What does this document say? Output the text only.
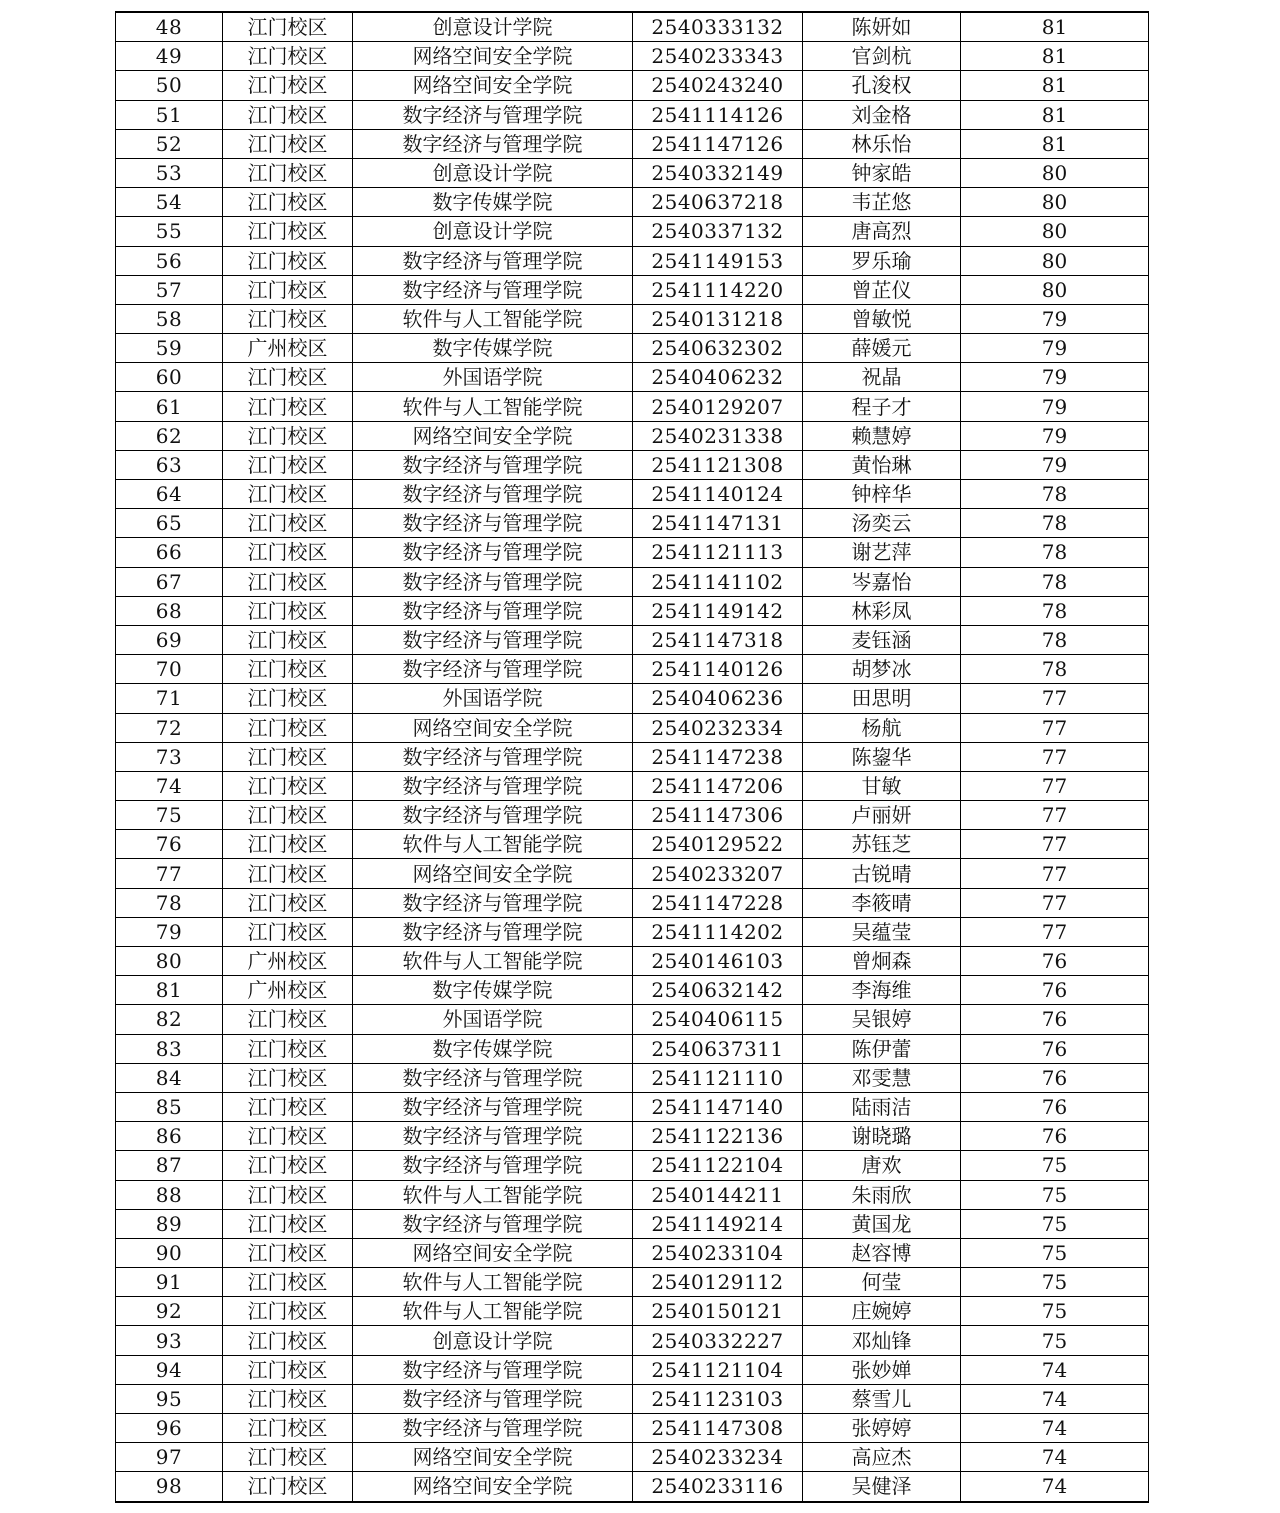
48	江门校区	创意设计学院	2540333132	陈妍如	81
49	江门校区	网络空间安全学院	2540233343	官剑杭	81
50	江门校区	网络空间安全学院	2540243240	孔浚权	81
51	江门校区	数字经济与管理学院	2541114126	刘金格	81
52	江门校区	数字经济与管理学院	2541147126	林乐怡	81
53	江门校区	创意设计学院	2540332149	钟家皓	80
54	江门校区	数字传媒学院	2540637218	韦芷悠	80
55	江门校区	创意设计学院	2540337132	唐高烈	80
56	江门校区	数字经济与管理学院	2541149153	罗乐瑜	80
57	江门校区	数字经济与管理学院	2541114220	曾芷仪	80
58	江门校区	软件与人工智能学院	2540131218	曾敏悦	79
59	广州校区	数字传媒学院	2540632302	薛媛元	79
60	江门校区	外国语学院	2540406232	祝晶	79
61	江门校区	软件与人工智能学院	2540129207	程子才	79
62	江门校区	网络空间安全学院	2540231338	赖慧婷	79
63	江门校区	数字经济与管理学院	2541121308	黄怡琳	79
64	江门校区	数字经济与管理学院	2541140124	钟梓华	78
65	江门校区	数字经济与管理学院	2541147131	汤奕云	78
66	江门校区	数字经济与管理学院	2541121113	谢艺萍	78
67	江门校区	数字经济与管理学院	2541141102	岑嘉怡	78
68	江门校区	数字经济与管理学院	2541149142	林彩凤	78
69	江门校区	数字经济与管理学院	2541147318	麦钰涵	78
70	江门校区	数字经济与管理学院	2541140126	胡梦冰	78
71	江门校区	外国语学院	2540406236	田思明	77
72	江门校区	网络空间安全学院	2540232334	杨航	77
73	江门校区	数字经济与管理学院	2541147238	陈鋆华	77
74	江门校区	数字经济与管理学院	2541147206	甘敏	77
75	江门校区	数字经济与管理学院	2541147306	卢丽妍	77
76	江门校区	软件与人工智能学院	2540129522	苏钰芝	77
77	江门校区	网络空间安全学院	2540233207	古锐晴	77
78	江门校区	数字经济与管理学院	2541147228	李筱晴	77
79	江门校区	数字经济与管理学院	2541114202	吴蕴莹	77
80	广州校区	软件与人工智能学院	2540146103	曾炯森	76
81	广州校区	数字传媒学院	2540632142	李海维	76
82	江门校区	外国语学院	2540406115	吴银婷	76
83	江门校区	数字传媒学院	2540637311	陈伊蕾	76
84	江门校区	数字经济与管理学院	2541121110	邓雯慧	76
85	江门校区	数字经济与管理学院	2541147140	陆雨洁	76
86	江门校区	数字经济与管理学院	2541122136	谢晓璐	76
87	江门校区	数字经济与管理学院	2541122104	唐欢	75
88	江门校区	软件与人工智能学院	2540144211	朱雨欣	75
89	江门校区	数字经济与管理学院	2541149214	黄国龙	75
90	江门校区	网络空间安全学院	2540233104	赵容博	75
91	江门校区	软件与人工智能学院	2540129112	何莹	75
92	江门校区	软件与人工智能学院	2540150121	庄婉婷	75
93	江门校区	创意设计学院	2540332227	邓灿锋	75
94	江门校区	数字经济与管理学院	2541121104	张妙婵	74
95	江门校区	数字经济与管理学院	2541123103	蔡雪儿	74
96	江门校区	数字经济与管理学院	2541147308	张婷婷	74
97	江门校区	网络空间安全学院	2540233234	高应杰	74
98	江门校区	网络空间安全学院	2540233116	吴健泽	74
